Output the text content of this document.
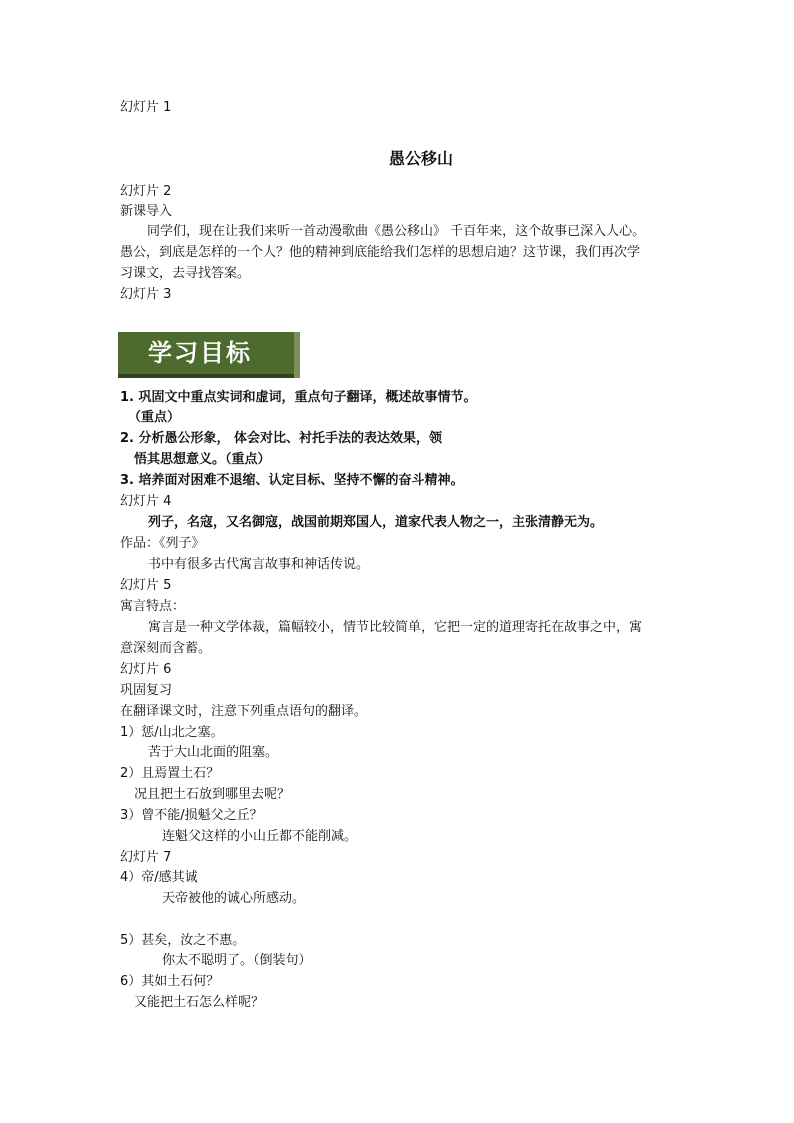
幻灯片 1
愚公移山
幻灯片 2
新课导入
同学们，现在让我们来听一首动漫歌曲《愚公移山》 千百年来，这个故事已深入人心。
愚公，到底是怎样的一个人？他的精神到底能给我们怎样的思想启迪？这节课，我们再次学
习课文，去寻找答案。
幻灯片 3
学习目标
1. 巩固文中重点实词和虚词，重点句子翻译，概述故事情节。
（重点）
2. 分析愚公形象， 体会对比、衬托手法的表达效果，领
悟其思想意义。（重点）
3. 培养面对困难不退缩、认定目标、坚持不懈的奋斗精神。
幻灯片 4
列子，名寇，又名御寇，战国前期郑国人，道家代表人物之一，主张清静无为。
作品：《列子》
书中有很多古代寓言故事和神话传说。
幻灯片 5
寓言特点：
寓言是一种文学体裁，篇幅较小，情节比较简单，它把一定的道理寄托在故事之中，寓
意深刻而含蓄。
幻灯片 6
巩固复习
在翻译课文时，注意下列重点语句的翻译。
1）惩/山北之塞。
苦于大山北面的阻塞。
2）且焉置土石？
况且把土石放到哪里去呢？
3）曾不能/损魁父之丘？
连魁父这样的小山丘都不能削减。
幻灯片 7
4）帝/感其诚
天帝被他的诚心所感动。
5）甚矣，汝之不惠。
你太不聪明了。（倒装句）
6）其如土石何？
又能把土石怎么样呢？
